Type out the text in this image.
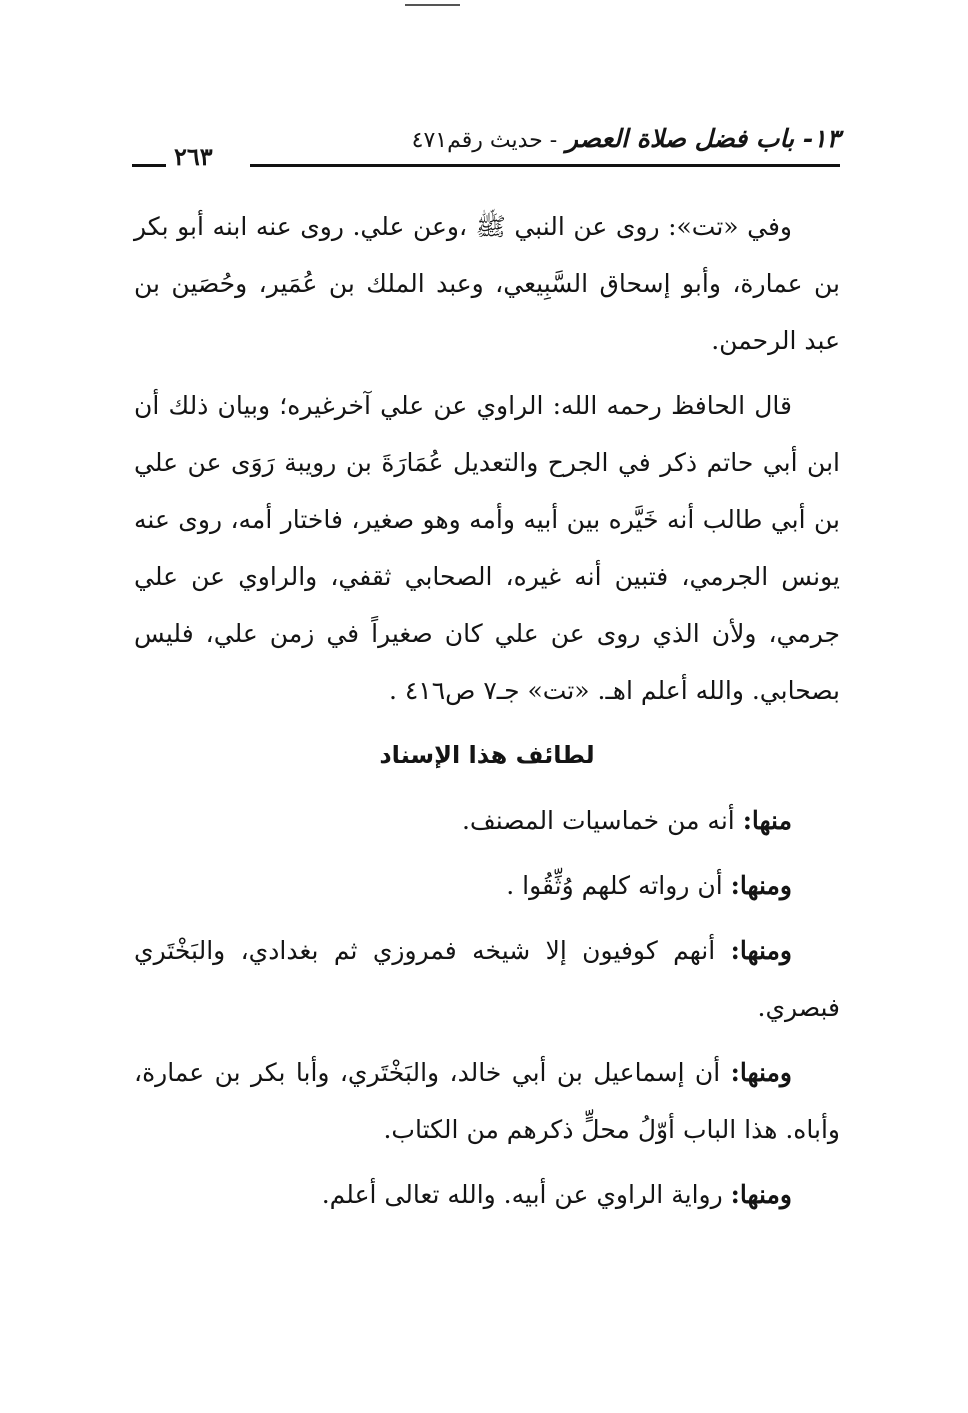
١٣- باب فضل صلاة العصر - حديث رقم٤٧١
٢٦٣

وفي «تت»: روى عن النبي ﷺ ،وعن علي. روى عنه ابنه أبو بكر بن عمارة، وأبو إسحاق السَّبِيعي، وعبد الملك بن عُمَير، وحُصَين بن عبد الرحمن.

قال الحافظ رحمه الله: الراوي عن علي آخرغيره؛ وبيان ذلك أن ابن أبي حاتم ذكر في الجرح والتعديل عُمَارَةَ بن رويبة رَوَى عن علي بن أبي طالب أنه خَيَّره بين أبيه وأمه وهو صغير، فاختار أمه، روى عنه يونس الجرمي، فتبين أنه غيره، الصحابي ثقفي، والراوي عن علي جرمي، ولأن الذي روى عن علي كان صغيراً في زمن علي، فليس بصحابي. والله أعلم اهـ. «تت» جـ٧ ص٤١٦ .

لطائف هذا الإسناد

منها: أنه من خماسيات المصنف.

ومنها: أن رواته كلهم وُثِّقُوا .

ومنها: أنهم كوفيون إلا شيخه فمروزي ثم بغدادي، والبَخْتَري فبصري.

ومنها: أن إسماعيل بن أبي خالد، والبَخْتَري، وأبا بكر بن عمارة، وأباه. هذا الباب أوّلُ محلٍّ ذكرهم من الكتاب.

ومنها: رواية الراوي عن أبيه. والله تعالى أعلم.
